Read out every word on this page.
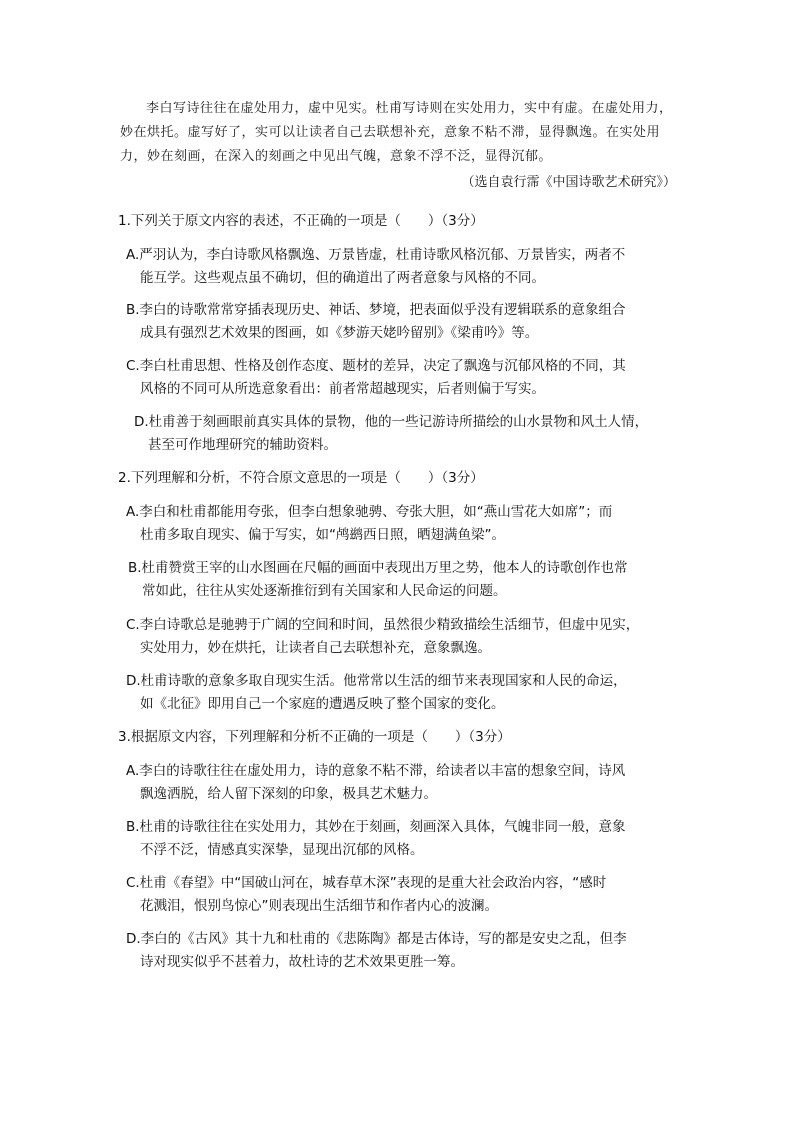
李白写诗往往在虚处用力，虚中见实。杜甫写诗则在实处用力，实中有虚。在虚处用力，妙在烘托。虚写好了，实可以让读者自己去联想补充，意象不粘不滞，显得飘逸。在实处用力，妙在刻画，在深入的刻画之中见出气魄，意象不浮不泛，显得沉郁。

（选自袁行霈《中国诗歌艺术研究》）
1.下列关于原文内容的表述，不正确的一项是（　　）（3分）
A.严羽认为，李白诗歌风格飘逸、万景皆虚，杜甫诗歌风格沉郁、万景皆实，两者不
能互学。这些观点虽不确切，但的确道出了两者意象与风格的不同。
B.李白的诗歌常常穿插表现历史、神话、梦境，把表面似乎没有逻辑联系的意象组合
成具有强烈艺术效果的图画，如《梦游天姥吟留别》《梁甫吟》等。
C.李白杜甫思想、性格及创作态度、题材的差异，决定了飘逸与沉郁风格的不同，其
风格的不同可从所选意象看出：前者常超越现实，后者则偏于写实。
D.杜甫善于刻画眼前真实具体的景物，他的一些记游诗所描绘的山水景物和风土人情，
甚至可作地理研究的辅助资料。
2.下列理解和分析，不符合原文意思的一项是（　　）（3分）
A.李白和杜甫都能用夸张，但李白想象驰骋、夸张大胆，如“燕山雪花大如席”；而
杜甫多取自现实、偏于写实，如“鸬鹚西日照，晒翅满鱼梁”。
B.杜甫赞赏王宰的山水图画在尺幅的画面中表现出万里之势，他本人的诗歌创作也常
常如此，往往从实处逐渐推衍到有关国家和人民命运的问题。
C.李白诗歌总是驰骋于广阔的空间和时间，虽然很少精致描绘生活细节，但虚中见实，
实处用力，妙在烘托，让读者自己去联想补充，意象飘逸。
D.杜甫诗歌的意象多取自现实生活。他常常以生活的细节来表现国家和人民的命运，
如《北征》即用自己一个家庭的遭遇反映了整个国家的变化。
3.根据原文内容，下列理解和分析不正确的一项是（　　）（3分）
A.李白的诗歌往往在虚处用力，诗的意象不粘不滞，给读者以丰富的想象空间，诗风
飘逸洒脱，给人留下深刻的印象，极具艺术魅力。
B.杜甫的诗歌往往在实处用力，其妙在于刻画，刻画深入具体，气魄非同一般，意象
不浮不泛，情感真实深挚，显现出沉郁的风格。
C.杜甫《春望》中“国破山河在，城春草木深”表现的是重大社会政治内容，“感时
花溅泪，恨别鸟惊心”则表现出生活细节和作者内心的波澜。
D.李白的《古风》其十九和杜甫的《悲陈陶》都是古体诗，写的都是安史之乱，但李
诗对现实似乎不甚着力，故杜诗的艺术效果更胜一筹。
